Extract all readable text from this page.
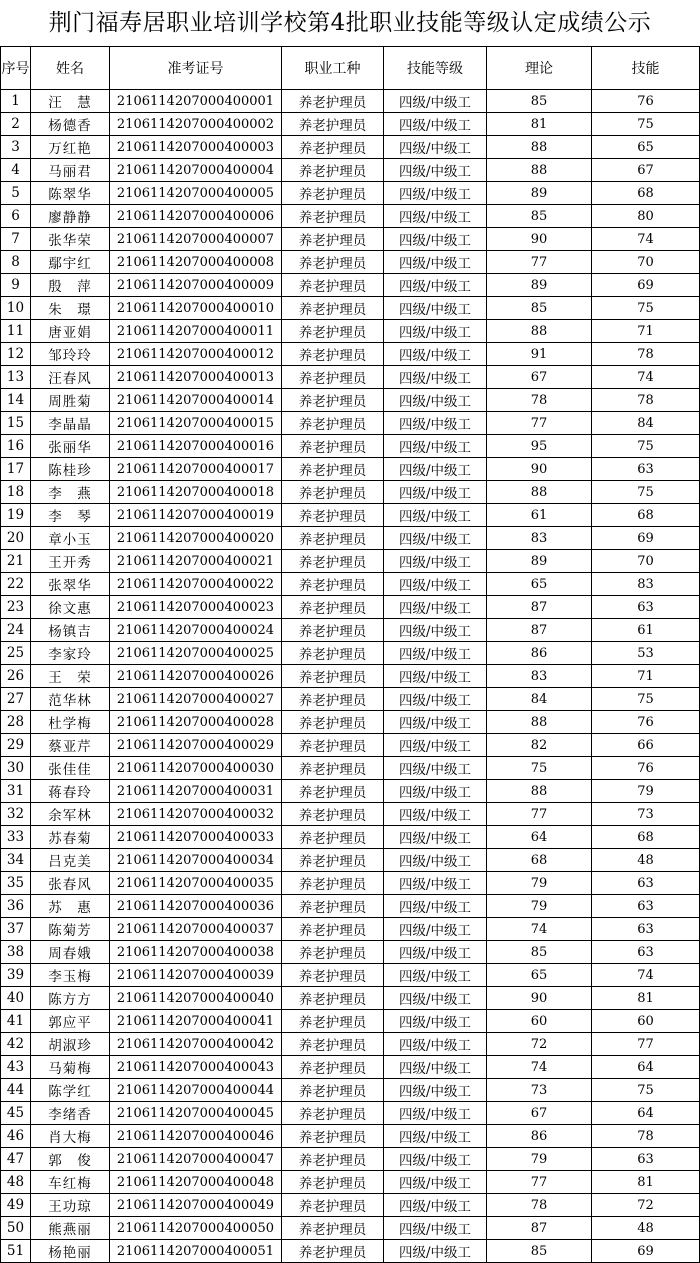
荆门福寿居职业培训学校第4批职业技能等级认定成绩公示
序号	姓名	准考证号	职业工种	技能等级	理论	技能
1	汪　慧	2106114207000400001	养老护理员	四级/中级工	85	76
2	杨德香	2106114207000400002	养老护理员	四级/中级工	81	75
3	万红艳	2106114207000400003	养老护理员	四级/中级工	88	65
4	马丽君	2106114207000400004	养老护理员	四级/中级工	88	67
5	陈翠华	2106114207000400005	养老护理员	四级/中级工	89	68
6	廖静静	2106114207000400006	养老护理员	四级/中级工	85	80
7	张华荣	2106114207000400007	养老护理员	四级/中级工	90	74
8	鄢宇红	2106114207000400008	养老护理员	四级/中级工	77	70
9	殷　萍	2106114207000400009	养老护理员	四级/中级工	89	69
10	朱　璟	2106114207000400010	养老护理员	四级/中级工	85	75
11	唐亚娟	2106114207000400011	养老护理员	四级/中级工	88	71
12	邹玲玲	2106114207000400012	养老护理员	四级/中级工	91	78
13	汪春风	2106114207000400013	养老护理员	四级/中级工	67	74
14	周胜菊	2106114207000400014	养老护理员	四级/中级工	78	78
15	李晶晶	2106114207000400015	养老护理员	四级/中级工	77	84
16	张丽华	2106114207000400016	养老护理员	四级/中级工	95	75
17	陈桂珍	2106114207000400017	养老护理员	四级/中级工	90	63
18	李　燕	2106114207000400018	养老护理员	四级/中级工	88	75
19	李　琴	2106114207000400019	养老护理员	四级/中级工	61	68
20	章小玉	2106114207000400020	养老护理员	四级/中级工	83	69
21	王开秀	2106114207000400021	养老护理员	四级/中级工	89	70
22	张翠华	2106114207000400022	养老护理员	四级/中级工	65	83
23	徐文惠	2106114207000400023	养老护理员	四级/中级工	87	63
24	杨镇吉	2106114207000400024	养老护理员	四级/中级工	87	61
25	李家玲	2106114207000400025	养老护理员	四级/中级工	86	53
26	王　荣	2106114207000400026	养老护理员	四级/中级工	83	71
27	范华林	2106114207000400027	养老护理员	四级/中级工	84	75
28	杜学梅	2106114207000400028	养老护理员	四级/中级工	88	76
29	蔡亚芹	2106114207000400029	养老护理员	四级/中级工	82	66
30	张佳佳	2106114207000400030	养老护理员	四级/中级工	75	76
31	蒋春玲	2106114207000400031	养老护理员	四级/中级工	88	79
32	余军林	2106114207000400032	养老护理员	四级/中级工	77	73
33	苏春菊	2106114207000400033	养老护理员	四级/中级工	64	68
34	吕克美	2106114207000400034	养老护理员	四级/中级工	68	48
35	张春风	2106114207000400035	养老护理员	四级/中级工	79	63
36	苏　惠	2106114207000400036	养老护理员	四级/中级工	79	63
37	陈菊芳	2106114207000400037	养老护理员	四级/中级工	74	63
38	周春娥	2106114207000400038	养老护理员	四级/中级工	85	63
39	李玉梅	2106114207000400039	养老护理员	四级/中级工	65	74
40	陈方方	2106114207000400040	养老护理员	四级/中级工	90	81
41	郭应平	2106114207000400041	养老护理员	四级/中级工	60	60
42	胡淑珍	2106114207000400042	养老护理员	四级/中级工	72	77
43	马菊梅	2106114207000400043	养老护理员	四级/中级工	74	64
44	陈学红	2106114207000400044	养老护理员	四级/中级工	73	75
45	李绪香	2106114207000400045	养老护理员	四级/中级工	67	64
46	肖大梅	2106114207000400046	养老护理员	四级/中级工	86	78
47	郭　俊	2106114207000400047	养老护理员	四级/中级工	79	63
48	车红梅	2106114207000400048	养老护理员	四级/中级工	77	81
49	王功琼	2106114207000400049	养老护理员	四级/中级工	78	72
50	熊燕丽	2106114207000400050	养老护理员	四级/中级工	87	48
51	杨艳丽	2106114207000400051	养老护理员	四级/中级工	85	69
